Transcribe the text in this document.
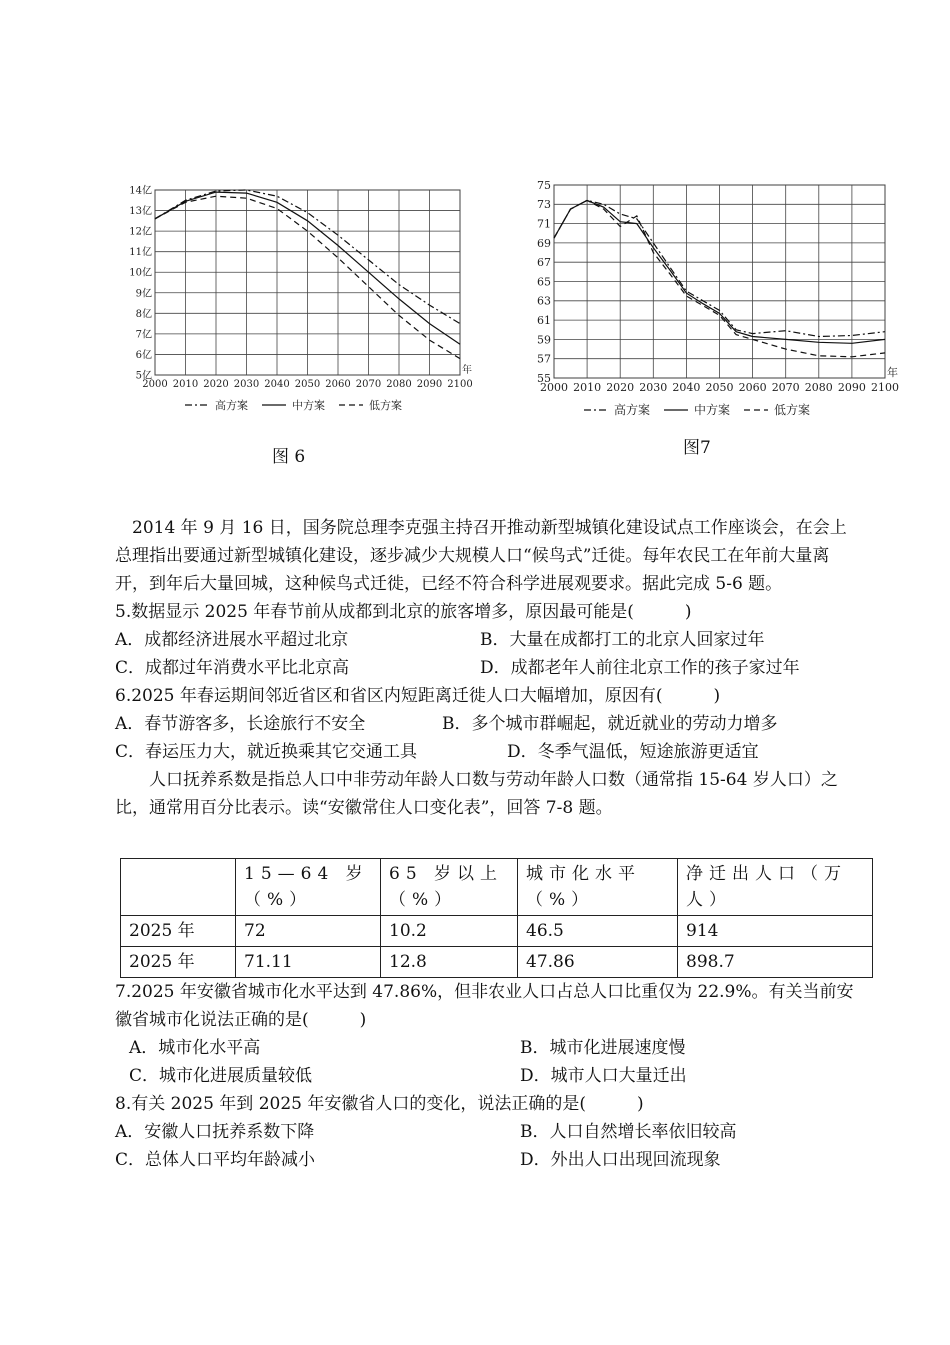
14亿
13亿
12亿
11亿
10亿
9亿
8亿
7亿
6亿
5亿
2000 2010 2020 2030 2040 2050 2060 2070 2080 2090 2100
年
高方案	中方案	低方案
图 6
75
73
71
69
67
65
63
61
59
57
55
2000 2010 2020 2030 2040 2050 2060 2070 2080 2090 2100
年
高方案	中方案	低方案
图7

2014 年 9 月 16 日，国务院总理李克强主持召开推动新型城镇化建设试点工作座谈会，在会上总理指出要通过新型城镇化建设，逐步减少大规模人口“候鸟式”迁徙。每年农民工在年前大量离开，到年后大量回城，这种候鸟式迁徙，已经不符合科学进展观要求。据此完成 5-6 题。

5.数据显示 2025 年春节前从成都到北京的旅客增多，原因最可能是(　　　)

A．成都经济进展水平超过北京	B．大量在成都打工的北京人回家过年
C．成都过年消费水平比北京高	D．成都老年人前往北京工作的孩子家过年

6.2025 年春运期间邻近省区和省区内短距离迁徙人口大幅增加，原因有(　　　)

A．春节游客多，长途旅行不安全	B．多个城市群崛起，就近就业的劳动力增多
C．春运压力大，就近换乘其它交通工具	D．冬季气温低，短途旅游更适宜

人口抚养系数是指总人口中非劳动年龄人口数与劳动年龄人口数（通常指 15-64 岁人口）之比，通常用百分比表示。读“安徽常住人口变化表”，回答 7-8 题。

	15—64 岁（%）	65 岁以上（%）	城市化水平（%）	净迁出人口（万人）
2025 年	72	10.2	46.5	914
2025 年	71.11	12.8	47.86	898.7

7.2025 年安徽省城市化水平达到 47.86%，但非农业人口占总人口比重仅为 22.9%。有关当前安徽省城市化说法正确的是(　　　)

A．城市化水平高	B．城市化进展速度慢
C．城市化进展质量较低	D．城市人口大量迁出

8.有关 2025 年到 2025 年安徽省人口的变化，说法正确的是(　　　)

A．安徽人口抚养系数下降	B．人口自然增长率依旧较高
C．总体人口平均年龄减小	D．外出人口出现回流现象
